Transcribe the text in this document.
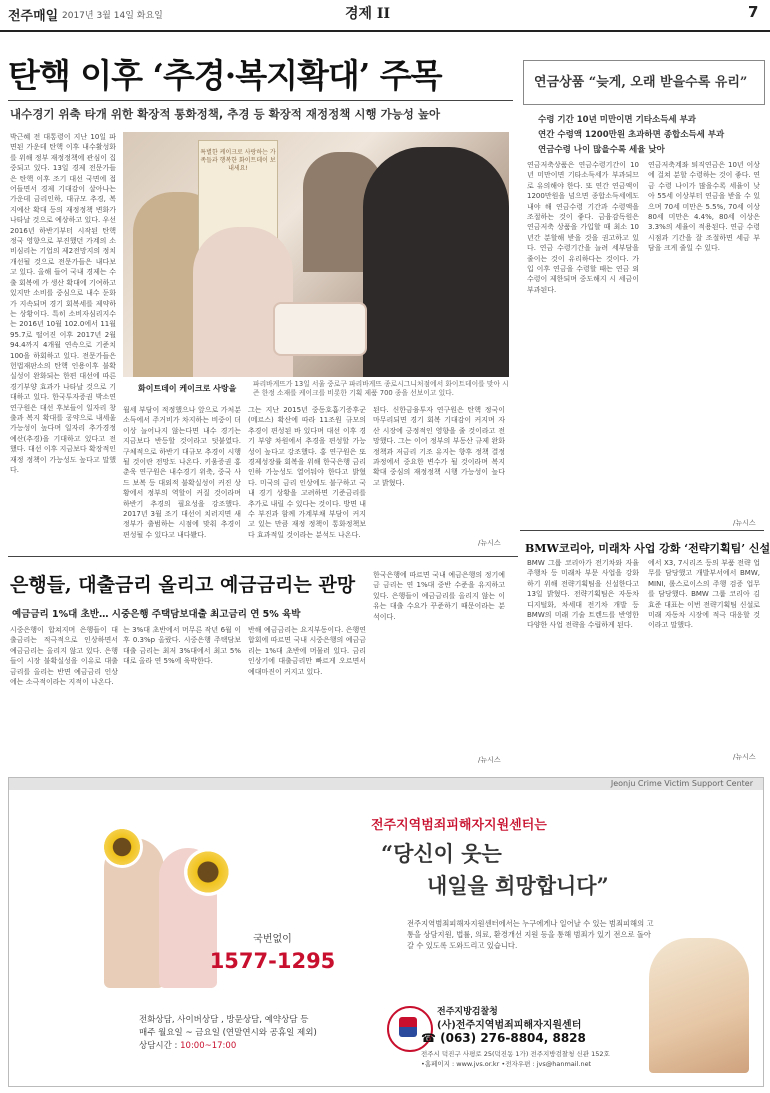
전주매일 2017년 3월 14일 화요일	경제 II	7
탄핵 이후 ‘추경·복지확대’ 주목
내수경기 위축 타개 위한 확장적 통화정책, 추경 등 확장적 재정정책 시행 가능성 높아
박근혜 전 대통령이 지난 10일 파면된 가운데 탄핵 이후 내수활성화를 위해 정부 재정정책에 관심이 집중되고 있다. 13일 경제 전문가들은 탄핵 이후 조기 대선 국면에 접어들면서 경제 기대감이 살아나는 가운데 금리인하, 대규모 추경, 복지예산 확대 등의 재정정책 변화가 나타날 것으로 예상하고 있다. 우선 2016년 하반기부터 시작된 탄핵 정국 영향으로 부진했던 가계의 소비심리는 기업의 제2전망지의 정치 개선될 것으로 전문가들은 내다보고 있다. 올해 들어 국내 경제는 수출 회복에 가 생산 확대에 기여하고 있지만 소비를 중심으로 내수 둔화가 지속되며 경기 회복세를 제약하는 상황이다. 특히 소비자심리지수는 2016년 10월 102.0에서 11월 95.7로 떨어진 이후 2017년 2월 94.4까지 4개월 연속으로 기준치 100을 하회하고 있다. 전문가들은 헌법재판소의 탄핵 인용이후 불확실성이 완화되는 한편 대선에 따른 경기부양 효과가 나타날 것으로 기대하고 있다. 한국투자증권 박소연 연구원은 대선 후보들이 일자리 창출과 복지 확대를 공약으로 내세울 가능성이 높다며 일자리 추가경정예산(추경)을 기대하고 있다고 전했다. 대선 이후 지금보다 확장적인 재정 정책이 가능성도 높다고 말했다.
특별한 케이크로 사랑하는 가족들과 행복한 화이트데이 보내세요!
화이트데이 케이크로 사랑을 파리바게뜨가 13일 서울 중로구 파리바게뜨 종로시그니처점에서 화이트데이를 맞아 시즌 한정 소재를 케이크를 비롯한 기획 제품 700 종을 선보이고 있다.
월세 부담이 적정했으나 앞으로 가처분 소득에서 주거비가 차지하는 비중이 더 이상 늘어나지 않는다면 내수 경기는 지금보다 반등할 것이라고 덧붙였다. 구체적으로 하반기 대규모 추경이 시행될 것이란 전망도 나온다. 키움증권 홍춘욱 연구원은 내수경기 위축, 중국 사드 보복 등 대외적 불확실성이 커진 상황에서 정부의 역할이 커질 것이라며 하반기 추경의 필요성을 강조했다. 2017년 3월 조기 대선이 치러지면 새 정부가 출범하는 시점에 맞춰 추경이 편성될 수 있다고 내다봤다.
그는 지난 2015년 중동호흡기증후군(메르스) 확산에 따라 11조원 규모의 추경이 편성된 바 있다며 대선 이후 경기 부양 차원에서 추경을 편성할 가능성이 높다고 강조했다. 홍 연구원은 또 경제성장률 회복을 위해 한국은행 금리인하 가능성도 열어둬야 한다고 밝혔다. 미국의 금리 인상에도 불구하고 국내 경기 상황을 고려하면 기준금리를 추가로 내릴 수 있다는 것이다. 방면 내수 부진과 함께 가계부채 부담이 커지고 있는 만큼 재정 정책이 통화정책보다 효과적일 것이라는 분석도 나온다.
된다. 신한금융투자 연구원은 탄핵 정국이 마무리되면 경기 회복 기대감이 커지며 자산 시장에 긍정적인 영향을 줄 것이라고 전망했다. 그는 이어 정부의 부동산 규제 완화 정책과 저금리 기조 유지는 향후 정책 결정 과정에서 중요한 변수가 될 것이라며 복지 확대 중심의 재정정책 시행 가능성이 높다고 밝혔다.
/뉴시스
연금상품 “늦게, 오래 받을수록 유리”
수령 기간 10년 미만이면 기타소득세 부과
연간 수령액 1200만원 초과하면 종합소득세 부과
연금수령 나이 많을수록 세율 낮아
연금저축상품은 연금수령기간이 10년 미만이면 기타소득세가 부과되므로 유의해야 한다. 또 연간 연금액이 1200만원을 넘으면 종합소득세에도 내야 해 연금수령 기간과 수령액을 조절하는 것이 좋다. 금융감독원은 연금저축 상품을 가입할 때 최소 10년간 분할해 받을 것을 권고하고 있다. 연금 수령기간을 늘려 세부담을 줄이는 것이 유리하다는 것이다. 가입 이후 연금을 수령할 때는 연금 외 수령이 제한되며 중도해지 시 세금이 부과된다.
연금저축계좌 퇴직연금은 10년 이상에 걸쳐 분할 수령하는 것이 좋다. 연금 수령 나이가 많을수록 세율이 낮아 55세 이상부터 연금을 받을 수 있으며 70세 미만은 5.5%, 70세 이상 80세 미만은 4.4%, 80세 이상은 3.3%의 세율이 적용된다. 연금 수령 시점과 기간을 잘 조절하면 세금 부담을 크게 줄일 수 있다.
/뉴시스
은행들, 대출금리 올리고 예금금리는 관망
예금금리 1%대 초반… 시중은행 주택담보대출 최고금리 연 5% 육박
시중은행이 합쳐지며 은행들이 대출금리는 적극적으로 인상하면서 예금금리는 올리지 않고 있다. 은행들이 시장 불확실성을 이유로 대출금리를 올리는 반면 예금금리 인상에는 소극적이라는 지적이 나온다.
는 3%대 초반에서 머무른 작년 6월 이후 0.3%p 올랐다. 시중은행 주택담보대출 금리는 최저 3%대에서 최고 5%대로 올라 연 5%에 육박한다.
반해 예금금리는 요지부동이다. 은행연합회에 따르면 국내 시중은행의 예금금리는 1%대 초반에 머물러 있다. 금리 인상기에 대출금리만 빠르게 오르면서 예대마진이 커지고 있다.
한국은행에 따르면 국내 예금은행의 정기예금 금리는 연 1%대 중반 수준을 유지하고 있다. 은행들이 예금금리를 올리지 않는 이유는 대출 수요가 꾸준하기 때문이라는 분석이다.
/뉴시스
BMW코리아, 미래차 사업 강화 ‘전략기획팀’ 신설
BMW 그룹 코리아가 전기차와 자율주행차 등 미래차 부문 사업을 강화하기 위해 전략기획팀을 신설한다고 13일 밝혔다. 전략기획팀은 자동차 디지털화, 차세대 전기차 개발 등 BMW의 미래 기술 트렌드를 반영한 다양한 사업 전략을 수립하게 된다.
에서 X3, 7시리즈 등의 부품 전략 업무를 담당했고 개발부서에서 BMW, MINI, 롤스로이스의 주행 검증 업무를 담당했다. BMW 그룹 코리아 김효준 대표는 이번 전략기획팀 신설로 미래 자동차 시장에 적극 대응할 것이라고 말했다.
/뉴시스
Jeonju Crime Victim Support Center
국번없이
1577-1295
전주지역범죄피해자지원센터는
“당신이 웃는
내일을 희망합니다”
전주지역범죄피해자지원센터에서는 누구에게나 일어날 수 있는 범죄피해의 고통을 상담지원, 법률, 의료, 환경개선 지원 등을 통해 범죄가 있기 전으로 돌아갈 수 있도록 도와드리고 있습니다.
전화상담, 사이버상담 , 방문상담, 예약상담 등
매주 월요일 ~ 금요일 (연말연시와 공휴일 제외)
상담시간 : 10:00~17:00
전주지방검찰청
(사)전주지역범죄피해자지원센터
☎ (063) 276-8804, 8828
전주시 덕진구 사평로 25(덕진동 1가) 전주지방검찰청 신관 152호
•홈페이지 : www.jvs.or.kr •전자우편 : jvs@hanmail.net
